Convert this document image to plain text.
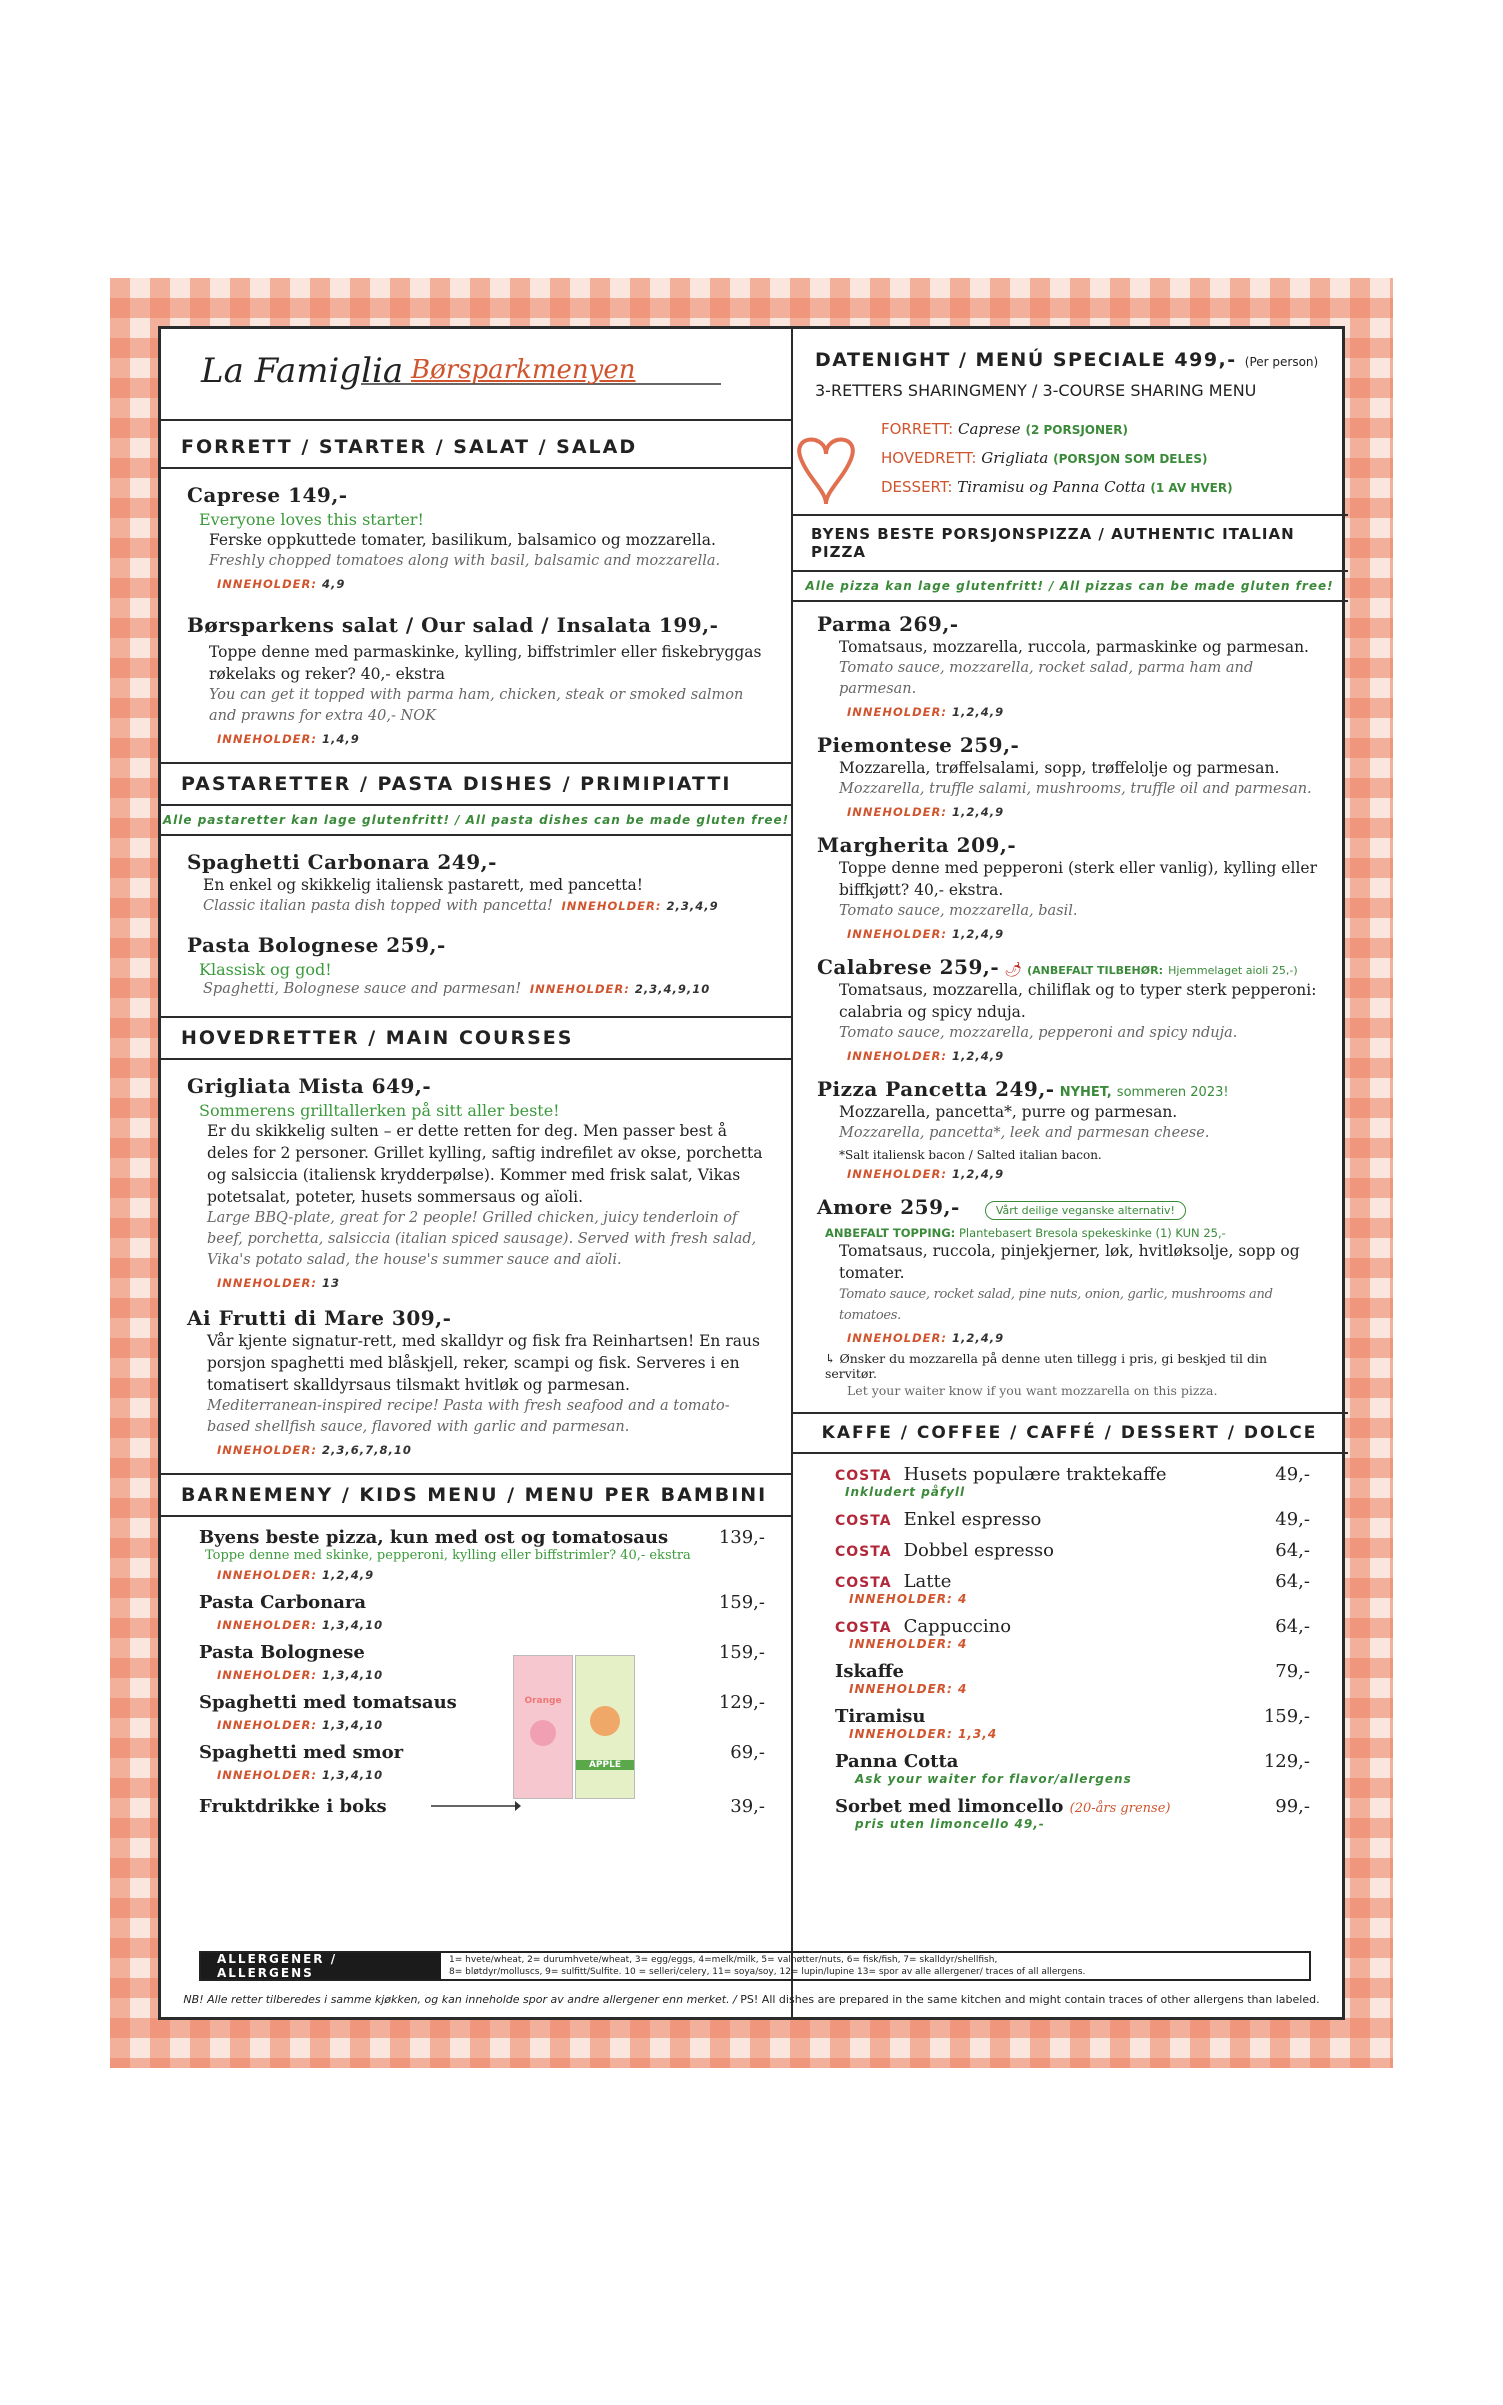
La Famiglia Børsparkmenyen
FORRETT / STARTER / SALAT / SALAD
Caprese 149,-
Everyone loves this starter!
Ferske oppkuttede tomater, basilikum, balsamico og mozzarella.
Freshly chopped tomatoes along with basil, balsamic and mozzarella.
INNEHOLDER: 4,9
Børsparkens salat / Our salad / Insalata 199,-
Toppe denne med parmaskinke, kylling, biffstrimler eller fiskebryggas røkelaks og reker? 40,- ekstra
You can get it topped with parma ham, chicken, steak or smoked salmon and prawns for extra 40,- NOK
INNEHOLDER: 1,4,9
PASTARETTER / PASTA DISHES / PRIMIPIATTI
Alle pastaretter kan lage glutenfritt! / All pasta dishes can be made gluten free!
Spaghetti Carbonara 249,-
En enkel og skikkelig italiensk pastarett, med pancetta!
Classic italian pasta dish topped with pancetta! INNEHOLDER: 2,3,4,9
Pasta Bolognese 259,-
Klassisk og god!
Spaghetti, Bolognese sauce and parmesan! INNEHOLDER: 2,3,4,9,10
HOVEDRETTER / MAIN COURSES
Grigliata Mista 649,-
Sommerens grilltallerken på sitt aller beste!
Er du skikkelig sulten – er dette retten for deg. Men passer best å deles for 2 personer. Grillet kylling, saftig indrefilet av okse, porchetta og salsiccia (italiensk krydderpølse). Kommer med frisk salat, Vikas potetsalat, poteter, husets sommersaus og aïoli.
Large BBQ-plate, great for 2 people! Grilled chicken, juicy tenderloin of beef, porchetta, salsiccia (italian spiced sausage). Served with fresh salad, Vika's potato salad, the house's summer sauce and aïoli.
INNEHOLDER: 13
Ai Frutti di Mare 309,-
Vår kjente signatur-rett, med skalldyr og fisk fra Reinhartsen! En raus porsjon spaghetti med blåskjell, reker, scampi og fisk. Serveres i en tomatisert skalldyrsaus tilsmakt hvitløk og parmesan.
Mediterranean-inspired recipe! Pasta with fresh seafood and a tomato-based shellfish sauce, flavored with garlic and parmesan.
INNEHOLDER: 2,3,6,7,8,10
BARNEMENY / KIDS MENU / MENU PER BAMBINI
Byens beste pizza, kun med ost og tomatosaus	139,-
Toppe denne med skinke, pepperoni, kylling eller biffstrimler? 40,- ekstra
INNEHOLDER: 1,2,4,9
Pasta Carbonara	159,-
INNEHOLDER: 1,3,4,10
Pasta Bolognese	159,-
INNEHOLDER: 1,3,4,10
Spaghetti med tomatsaus	129,-
INNEHOLDER: 1,3,4,10
Spaghetti med smor	69,-
INNEHOLDER: 1,3,4,10
Fruktdrikke i boks	39,-
Orange
APPLE
DATENIGHT / MENÚ SPECIALE 499,- (Per person)
3-RETTERS SHARINGMENY / 3-COURSE SHARING MENU
FORRETT: Caprese (2 PORSJONER)
HOVEDRETT: Grigliata (PORSJON SOM DELES)
DESSERT: Tiramisu og Panna Cotta (1 AV HVER)
BYENS BESTE PORSJONSPIZZA / AUTHENTIC ITALIAN PIZZA
Alle pizza kan lage glutenfritt! / All pizzas can be made gluten free!
Parma 269,-
Tomatsaus, mozzarella, ruccola, parmaskinke og parmesan.
Tomato sauce, mozzarella, rocket salad, parma ham and parmesan.
INNEHOLDER: 1,2,4,9
Piemontese 259,-
Mozzarella, trøffelsalami, sopp, trøffelolje og parmesan.
Mozzarella, truffle salami, mushrooms, truffle oil and parmesan.
INNEHOLDER: 1,2,4,9
Margherita 209,-
Toppe denne med pepperoni (sterk eller vanlig), kylling eller biffkjøtt? 40,- ekstra.
Tomato sauce, mozzarella, basil.
INNEHOLDER: 1,2,4,9
Calabrese 259,- 🌶 (ANBEFALT TILBEHØR: Hjemmelaget aioli 25,-)
Tomatsaus, mozzarella, chiliflak og to typer sterk pepperoni: calabria og spicy nduja.
Tomato sauce, mozzarella, pepperoni and spicy nduja.
INNEHOLDER: 1,2,4,9
Pizza Pancetta 249,- NYHET, sommeren 2023!
Mozzarella, pancetta*, purre og parmesan.
Mozzarella, pancetta*, leek and parmesan cheese.
*Salt italiensk bacon / Salted italian bacon.
INNEHOLDER: 1,2,4,9
Amore 259,-	Vårt deilige veganske alternativ!
ANBEFALT TOPPING: Plantebasert Bresola spekeskinke (1) KUN 25,-
Tomatsaus, ruccola, pinjekjerner, løk, hvitløksolje, sopp og tomater.
Tomato sauce, rocket salad, pine nuts, onion, garlic, mushrooms and tomatoes.
INNEHOLDER: 1,2,4,9
↳ Ønsker du mozzarella på denne uten tillegg i pris, gi beskjed til din servitør.
Let your waiter know if you want mozzarella on this pizza.
KAFFE / COFFEE / CAFFÉ / DESSERT / DOLCE
COSTA Husets populære traktekaffe	49,-
Inkludert påfyll
COSTA Enkel espresso	49,-
COSTA Dobbel espresso	64,-
COSTA Latte	64,-
INNEHOLDER: 4
COSTA Cappuccino	64,-
INNEHOLDER: 4
Iskaffe	79,-
INNEHOLDER: 4
Tiramisu	159,-
INNEHOLDER: 1,3,4
Panna Cotta	129,-
Ask your waiter for flavor/allergens
Sorbet med limoncello (20-års grense)	99,-
pris uten limoncello 49,-
ALLERGENER / ALLERGENS
1= hvete/wheat, 2= durumhvete/wheat, 3= egg/eggs, 4=melk/milk, 5= valnøtter/nuts, 6= fisk/fish, 7= skalldyr/shellfish,
8= bløtdyr/molluscs, 9= sulfitt/Sulfite. 10 = selleri/celery, 11= soya/soy, 12= lupin/lupine 13= spor av alle allergener/ traces of all allergens.
NB! Alle retter tilberedes i samme kjøkken, og kan inneholde spor av andre allergener enn merket. / PS! All dishes are prepared in the same kitchen and might contain traces of other allergens than labeled.
